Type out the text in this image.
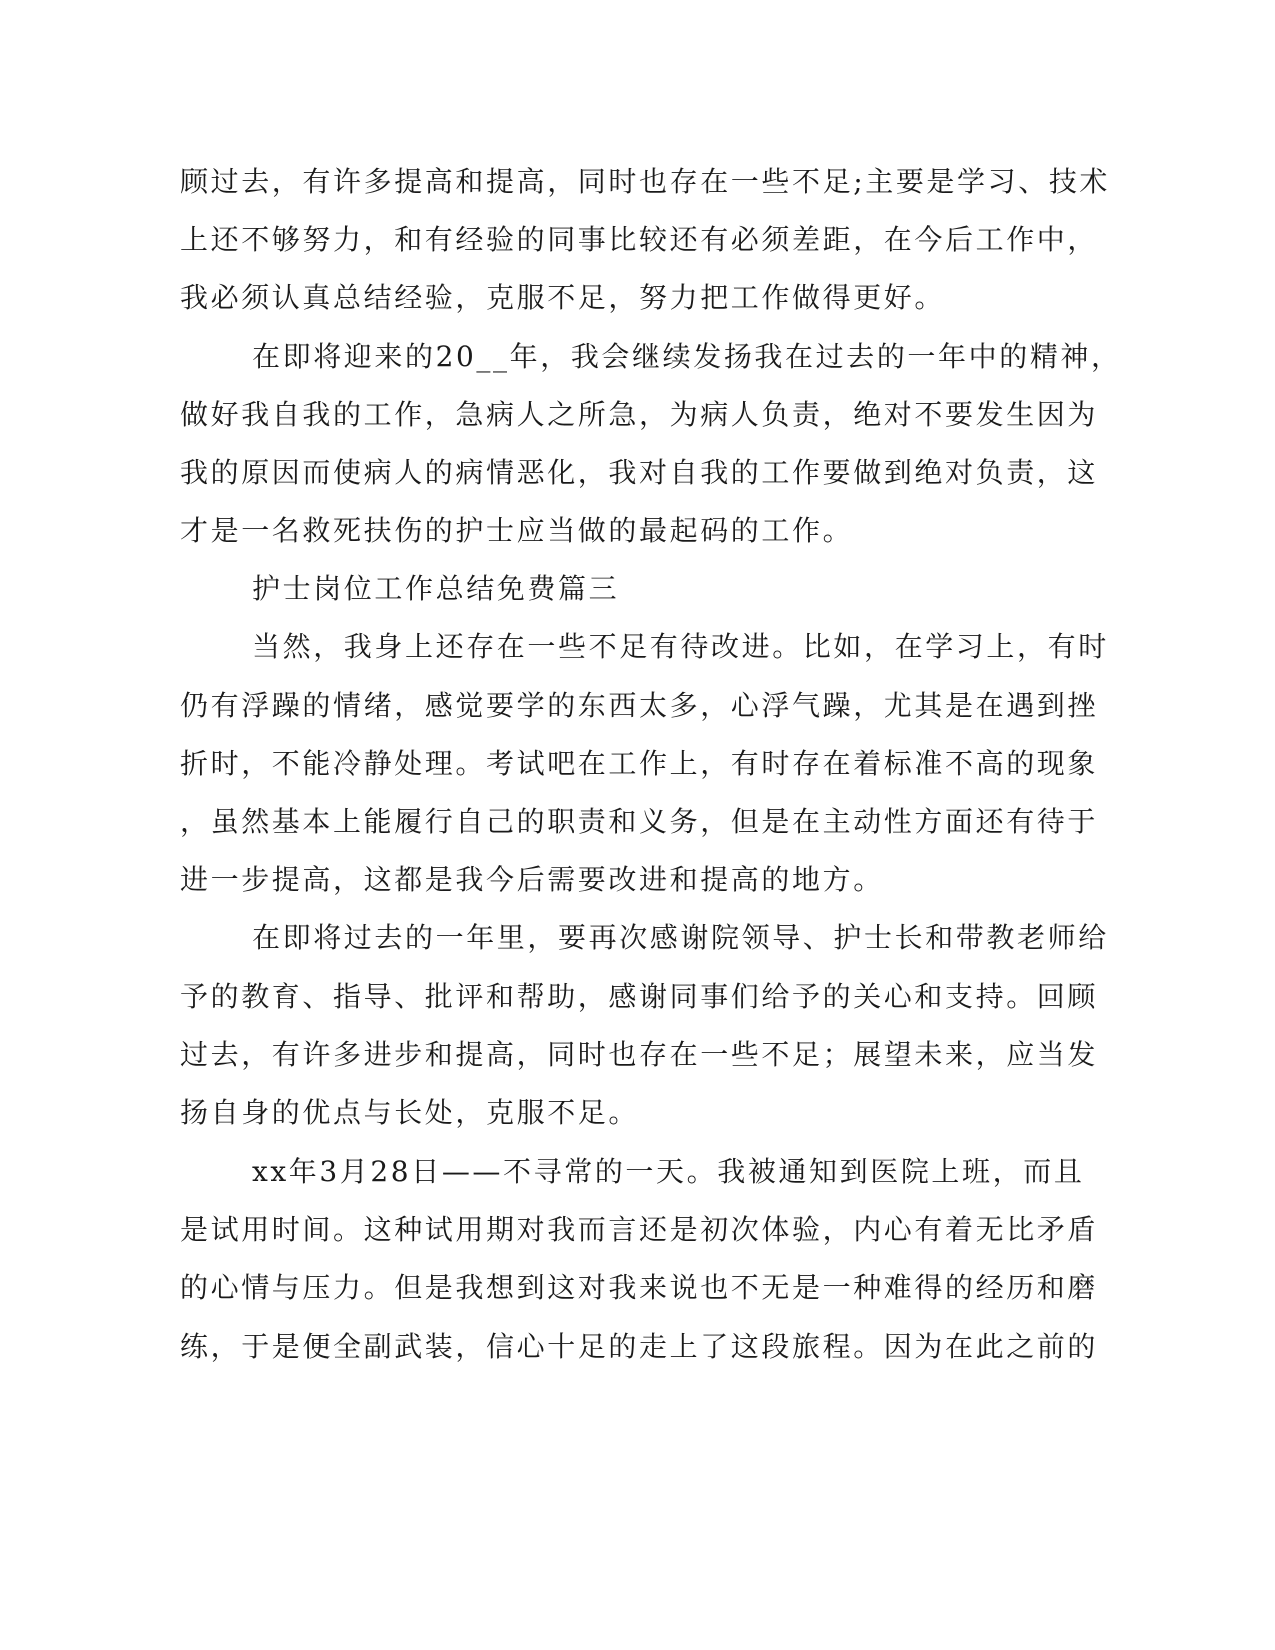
顾过去，有许多提高和提高，同时也存在一些不足;主要是学习、技术
上还不够努力，和有经验的同事比较还有必须差距，在今后工作中，
我必须认真总结经验，克服不足，努力把工作做得更好。
在即将迎来的20__年，我会继续发扬我在过去的一年中的精神，
做好我自我的工作，急病人之所急，为病人负责，绝对不要发生因为
我的原因而使病人的病情恶化，我对自我的工作要做到绝对负责，这
才是一名救死扶伤的护士应当做的最起码的工作。
护士岗位工作总结免费篇三
当然，我身上还存在一些不足有待改进。比如，在学习上，有时
仍有浮躁的情绪，感觉要学的东西太多，心浮气躁，尤其是在遇到挫
折时，不能冷静处理。考试吧在工作上，有时存在着标准不高的现象
，虽然基本上能履行自己的职责和义务，但是在主动性方面还有待于
进一步提高，这都是我今后需要改进和提高的地方。
在即将过去的一年里，要再次感谢院领导、护士长和带教老师给
予的教育、指导、批评和帮助，感谢同事们给予的关心和支持。回顾
过去，有许多进步和提高，同时也存在一些不足；展望未来，应当发
扬自身的优点与长处，克服不足。
xx年3月28日——不寻常的一天。我被通知到医院上班，而且
是试用时间。这种试用期对我而言还是初次体验，内心有着无比矛盾
的心情与压力。但是我想到这对我来说也不无是一种难得的经历和磨
练，于是便全副武装，信心十足的走上了这段旅程。因为在此之前的
